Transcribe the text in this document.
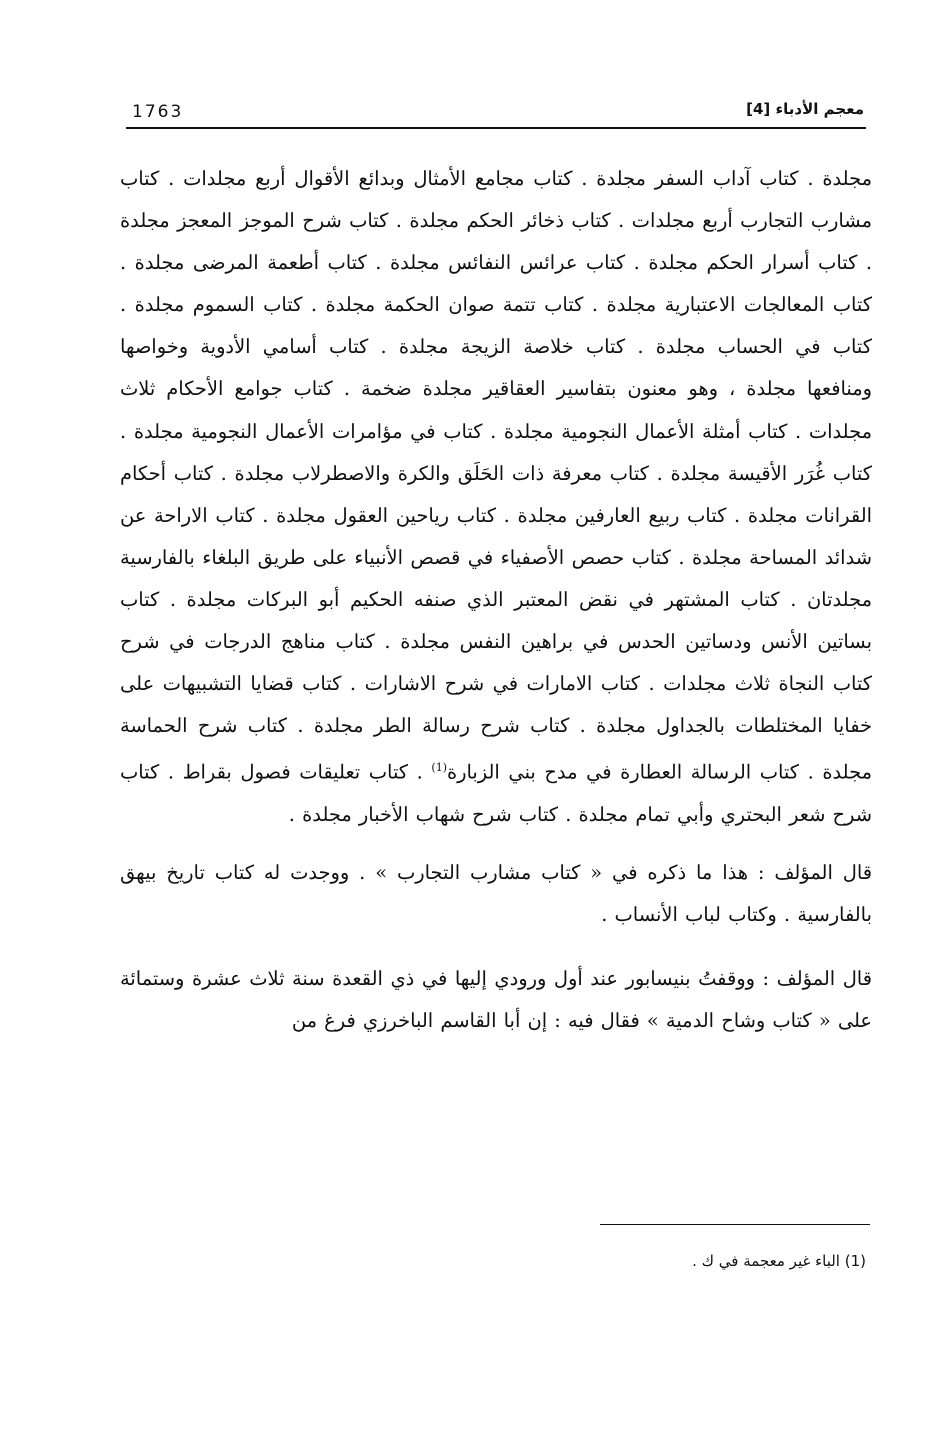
1763	معجم الأدباء [4]

مجلدة . كتاب آداب السفر مجلدة . كتاب مجامع الأمثال وبدائع الأقوال أربع مجلدات . كتاب مشارب التجارب أربع مجلدات . كتاب ذخائر الحكم مجلدة . كتاب شرح الموجز المعجز مجلدة . كتاب أسرار الحكم مجلدة . كتاب عرائس النفائس مجلدة . كتاب أطعمة المرضى مجلدة . كتاب المعالجات الاعتبارية مجلدة . كتاب تتمة صوان الحكمة مجلدة . كتاب السموم مجلدة . كتاب في الحساب مجلدة . كتاب خلاصة الزيجة مجلدة . كتاب أسامي الأدوية وخواصها ومنافعها مجلدة ، وهو معنون بتفاسير العقاقير مجلدة ضخمة . كتاب جوامع الأحكام ثلاث مجلدات . كتاب أمثلة الأعمال النجومية مجلدة . كتاب في مؤامرات الأعمال النجومية مجلدة . كتاب غُرَر الأقيسة مجلدة . كتاب معرفة ذات الحَلَق والكرة والاصطرلاب مجلدة . كتاب أحكام القرانات مجلدة . كتاب ربيع العارفين مجلدة . كتاب رياحين العقول مجلدة . كتاب الاراحة عن شدائد المساحة مجلدة . كتاب حصص الأصفياء في قصص الأنبياء على طريق البلغاء بالفارسية مجلدتان . كتاب المشتهر في نقض المعتبر الذي صنفه الحكيم أبو البركات مجلدة . كتاب بساتين الأنس ودساتين الحدس في براهين النفس مجلدة . كتاب مناهج الدرجات في شرح كتاب النجاة ثلاث مجلدات . كتاب الامارات في شرح الاشارات . كتاب قضايا التشبيهات على خفايا المختلطات بالجداول مجلدة . كتاب شرح رسالة الطر مجلدة . كتاب شرح الحماسة مجلدة . كتاب الرسالة العطارة في مدح بني الزبارة$^{(1)}$ . كتاب تعليقات فصول بقراط . كتاب شرح شعر البحتري وأبي تمام مجلدة . كتاب شرح شهاب الأخبار مجلدة .

قال المؤلف : هذا ما ذكره في « كتاب مشارب التجارب » . ووجدت له كتاب تاريخ بيهق بالفارسية . وكتاب لباب الأنساب .

قال المؤلف : ووقفتُ بنيسابور عند أول ورودي إليها في ذي القعدة سنة ثلاث عشرة وستمائة على « كتاب وشاح الدمية » فقال فيه : إن أبا القاسم الباخرزي فرغ من

(1) الباء غير معجمة في ك .
